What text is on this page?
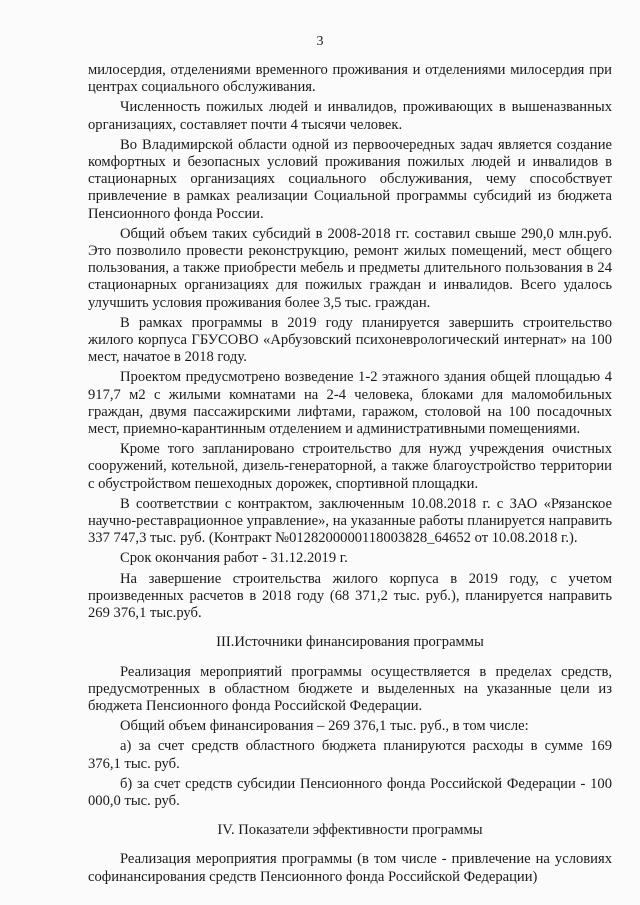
3

милосердия, отделениями временного проживания и отделениями милосердия при центрах социального обслуживания.

Численность пожилых людей и инвалидов, проживающих в вышеназванных организациях, составляет почти 4 тысячи человек.

Во Владимирской области одной из первоочередных задач является создание комфортных и безопасных условий проживания пожилых людей и инвалидов в стационарных организациях социального обслуживания, чему способствует привлечение в рамках реализации Социальной программы субсидий из бюджета Пенсионного фонда России.

Общий объем таких субсидий в 2008-2018 гг. составил свыше 290,0 млн.руб. Это позволило провести реконструкцию, ремонт жилых помещений, мест общего пользования, а также приобрести мебель и предметы длительного пользования в 24 стационарных организациях для пожилых граждан и инвалидов. Всего удалось улучшить условия проживания более 3,5 тыс. граждан.

В рамках программы в 2019 году планируется завершить строительство жилого корпуса ГБУСОВО «Арбузовский психоневрологический интернат» на 100 мест, начатое в 2018 году.

Проектом предусмотрено возведение 1-2 этажного здания общей площадью 4 917,7 м2 с жилыми комнатами на 2-4 человека, блоками для маломобильных граждан, двумя пассажирскими лифтами, гаражом, столовой на 100 посадочных мест, приемно-карантинным отделением и административными помещениями.

Кроме того запланировано строительство для нужд учреждения очистных сооружений, котельной, дизель-генераторной, а также благоустройство территории с обустройством пешеходных дорожек, спортивной площадки.

В соответствии с контрактом, заключенным 10.08.2018 г. с ЗАО «Рязанское научно-реставрационное управление», на указанные работы планируется направить 337 747,3 тыс. руб. (Контракт №0128200000118003828_64652 от 10.08.2018 г.).

Срок окончания работ - 31.12.2019 г.

На завершение строительства жилого корпуса в 2019 году, с учетом произведенных расчетов в 2018 году (68 371,2 тыс. руб.), планируется направить 269 376,1 тыс.руб.

III.Источники финансирования программы

Реализация мероприятий программы осуществляется в пределах средств, предусмотренных в областном бюджете и выделенных на указанные цели из бюджета Пенсионного фонда Российской Федерации.

Общий объем финансирования – 269 376,1 тыс. руб., в том числе:

а) за счет средств областного бюджета планируются расходы в сумме 169 376,1 тыс. руб.

б) за счет средств субсидии Пенсионного фонда Российской Федерации - 100 000,0 тыс. руб.

IV. Показатели эффективности программы

Реализация мероприятия программы (в том числе - привлечение на условиях софинансирования средств Пенсионного фонда Российской Федерации)
